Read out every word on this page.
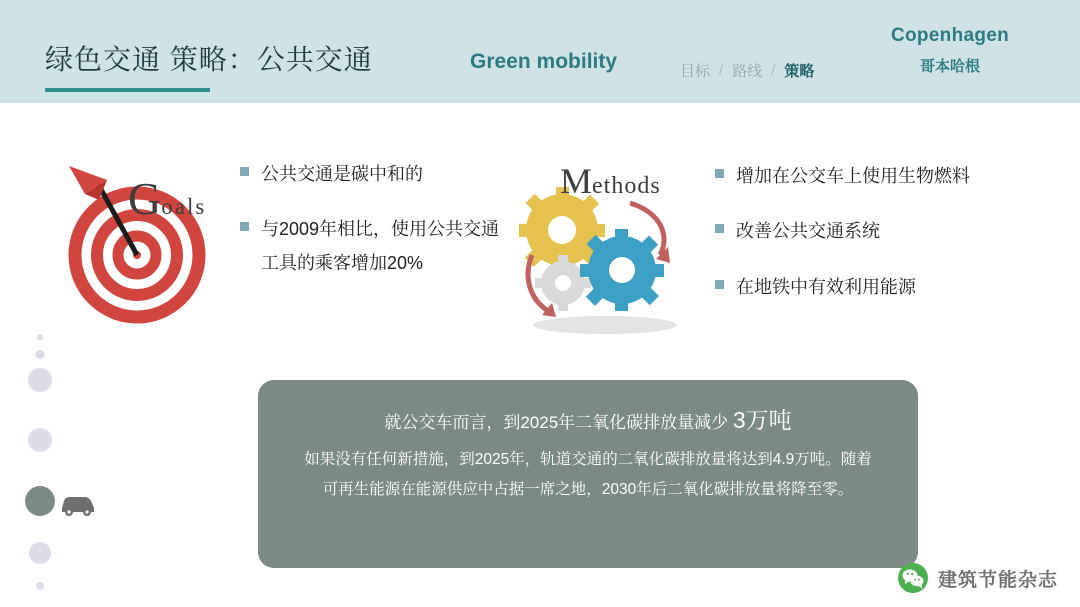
绿色交通 策略：公共交通	Green mobility	目标 / 路线 / 策略
Copenhagen
哥本哈根
Goals
公共交通是碳中和的
与2009年相比，使用公共交通工具的乘客增加20%
Methods	增加在公交车上使用生物燃料
改善公共交通系统
在地铁中有效利用能源
就公交车而言，到2025年二氧化碳排放量减少 3万吨
如果没有任何新措施，到2025年，轨道交通的二氧化碳排放量将达到4.9万吨。随着可再生能源在能源供应中占据一席之地，2030年后二氧化碳排放量将降至零。
建筑节能杂志
